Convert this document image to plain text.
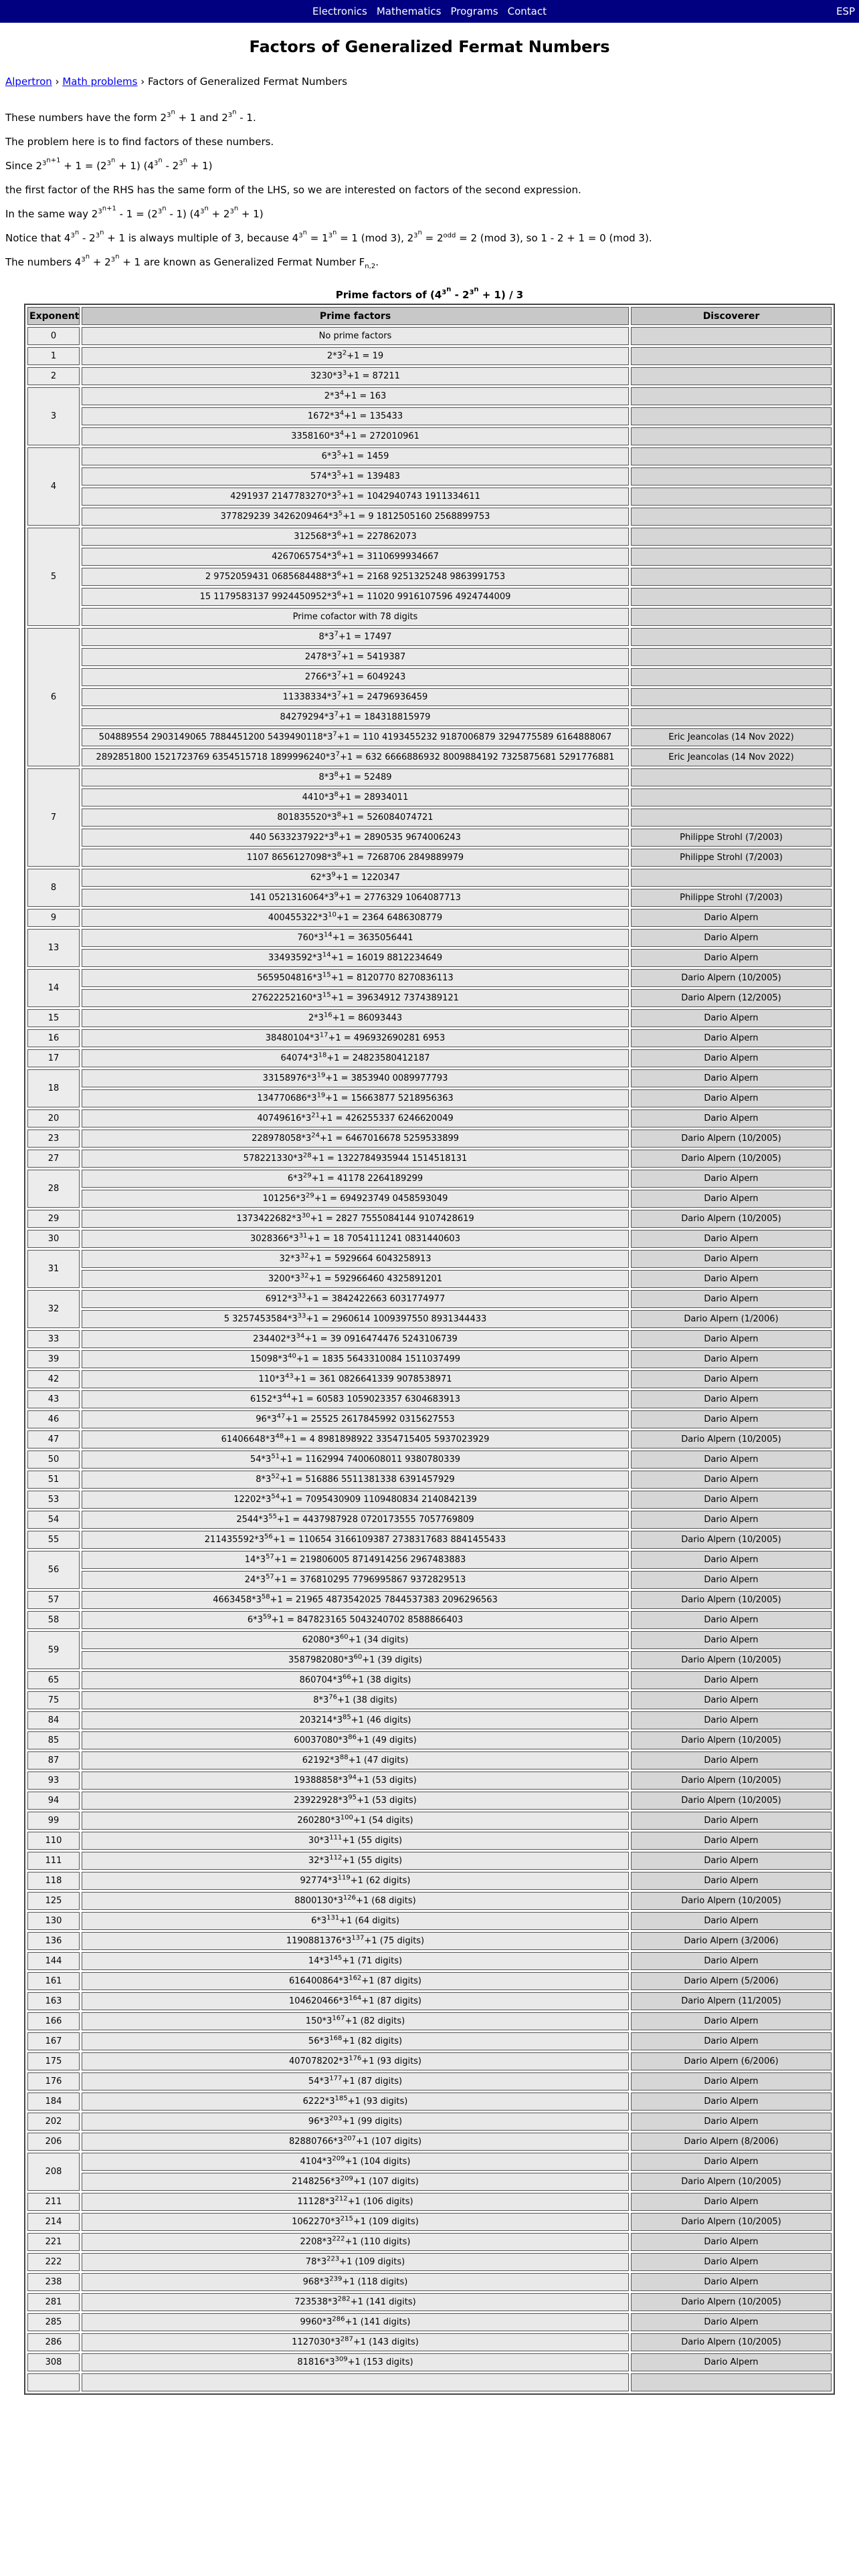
Electronics Mathematics Programs Contact	ESP
Factors of Generalized Fermat Numbers

Alpertron › Math problems › Factors of Generalized Fermat Numbers

These numbers have the form $2^{3^n} + 1$ and $2^{3^n} - 1$.

The problem here is to find factors of these numbers.

Since $2^{3^{n+1}} + 1 = (2^{3^n} + 1)$ $(4^{3^n} - 2^{3^n} + 1)$

the first factor of the RHS has the same form of the LHS, so we are interested on factors of the second expression.

In the same way $2^{3^{n+1}} - 1 = (2^{3^n} - 1) (4^{3^n} + 2^{3^n} + 1)$

Notice that $4^{3^n} - 2^{3^n} + 1$ is always multiple of 3, because $4^{3^n} = 1^{3^n} = 1$ (mod 3), $2^{3^n} = 2^{odd} = 2$ (mod 3), so 1 - 2 + 1 = 0 (mod 3).

The numbers $4^{3^n} + 2^{3^n} + 1$ are known as Generalized Fermat Number $F_{n,2}$.

Prime factors of $(4^{3^n} - 2^{3^n} + 1) / 3$
Exponent	Prime factors	Discoverer
0	No prime factors	
1	$2*3^2+1 = 19$	
2	$3230*3^3+1 = 87211$	
3	$2*3^4+1 = 163$	
	$1672*3^4+1 = 135433$	
	$3358160*3^4+1 = 272010961$	
4	$6*3^5+1 = 1459$	
	$574*3^5+1 = 139483$	
	4291937 $2147783270*3^5+1 = 1042940743$ 1911334611	
	377829239 $3426209464*3^5+1 = 9$ 1812505160 2568899753	
5	$312568*3^6+1 = 227862073$	
	$4267065754*3^6+1 = 3110699934667$	
	2 9752059431 $0685684488*3^6+1 = 2168$ 9251325248 9863991753	
	15 1179583137 $9924450952*3^6+1 = 11020$ 9916107596 4924744009	
	Prime cofactor with 78 digits	
6	$8*3^7+1 = 17497$	
	$2478*3^7+1 = 5419387$	
	$2766*3^7+1 = 6049243$	
	$11338334*3^7+1 = 24796936459$	
	$84279294*3^7+1 = 184318815979$	
	504889554 2903149065 7884451200 $5439490118*3^7+1 = 110$ 4193455232 9187006879 3294775589 6164888067	Eric Jeancolas (14 Nov 2022)
	2892851800 1521723769 6354515718 $1899996240*3^7+1 = 632$ 6666886932 8009884192 7325875681 5291776881	Eric Jeancolas (14 Nov 2022)
7	$8*3^8+1 = 52489$	
	$4410*3^8+1 = 28934011$	
	$801835520*3^8+1 = 526084074721$	
	440 $5633237922*3^8+1 = 2890535$ 9674006243	Philippe Strohl (7/2003)
	1107 $8656127098*3^8+1 = 7268706$ 2849889979	Philippe Strohl (7/2003)
8	$62*3^9+1 = 1220347$	
	141 $0521316064*3^9+1 = 2776329$ 1064087713	Philippe Strohl (7/2003)
9	$400455322*3^{10}+1 = 2364$ 6486308779	Dario Alpern
13	$760*3^{14}+1 = 3635056441$	Dario Alpern
	$33493592*3^{14}+1 = 16019$ 8812234649	Dario Alpern
14	$5659504816*3^{15}+1 = 8120770$ 8270836113	Dario Alpern (10/2005)
	$27622252160*3^{15}+1 = 39634912$ 7374389121	Dario Alpern (12/2005)
15	$2*3^{16}+1 = 86093443$	Dario Alpern
16	$38480104*3^{17}+1 = 496932690281$ 6953	Dario Alpern
17	$64074*3^{18}+1 = 24823580412187$	Dario Alpern
18	$33158976*3^{19}+1 = 3853940$ 0089977793	Dario Alpern
	$134770686*3^{19}+1 = 15663877$ 5218956363	Dario Alpern
20	$40749616*3^{21}+1 = 426255337$ 6246620049	Dario Alpern
23	$228978058*3^{24}+1 = 6467016678$ 5259533899	Dario Alpern (10/2005)
27	$578221330*3^{28}+1 = 1322784935944$ 1514518131	Dario Alpern (10/2005)
28	$6*3^{29}+1 = 41178$ 2264189299	Dario Alpern
	$101256*3^{29}+1 = 694923749$ 0458593049	Dario Alpern
29	$1373422682*3^{30}+1 = 2827$ 7555084144 9107428619	Dario Alpern (10/2005)
30	$3028366*3^{31}+1 = 18$ 7054111241 0831440603	Dario Alpern
31	$32*3^{32}+1 = 5929664$ 6043258913	Dario Alpern
	$3200*3^{32}+1 = 592966460$ 4325891201	Dario Alpern
32	$6912*3^{33}+1 = 3842422663$ 6031774977	Dario Alpern
	5 $3257453584*3^{33}+1 = 2960614$ 1009397550 8931344433	Dario Alpern (1/2006)
33	$234402*3^{34}+1 = 39$ 0916474476 5243106739	Dario Alpern
39	$15098*3^{40}+1 = 1835$ 5643310084 1511037499	Dario Alpern
42	$110*3^{43}+1 = 361$ 0826641339 9078538971	Dario Alpern
43	$6152*3^{44}+1 = 60583$ 1059023357 6304683913	Dario Alpern
46	$96*3^{47}+1 = 25525$ 2617845992 0315627553	Dario Alpern
47	$61406648*3^{48}+1 = 4$ 8981898922 3354715405 5937023929	Dario Alpern (10/2005)
50	$54*3^{51}+1 = 1162994$ 7400608011 9380780339	Dario Alpern
51	$8*3^{52}+1 = 516886$ 5511381338 6391457929	Dario Alpern
53	$12202*3^{54}+1 = 7095430909$ 1109480834 2140842139	Dario Alpern
54	$2544*3^{55}+1 = 4437987928$ 0720173555 7057769809	Dario Alpern
55	$211435592*3^{56}+1 = 110654$ 3166109387 2738317683 8841455433	Dario Alpern (10/2005)
56	$14*3^{57}+1 = 219806005$ 8714914256 2967483883	Dario Alpern
	$24*3^{57}+1 = 376810295$ 7796995867 9372829513	Dario Alpern
57	$4663458*3^{58}+1 = 21965$ 4873542025 7844537383 2096296563	Dario Alpern (10/2005)
58	$6*3^{59}+1 = 847823165$ 5043240702 8588866403	Dario Alpern
59	$62080*3^{60}+1$ (34 digits)	Dario Alpern
	$3587982080*3^{60}+1$ (39 digits)	Dario Alpern (10/2005)
65	$860704*3^{66}+1$ (38 digits)	Dario Alpern
75	$8*3^{76}+1$ (38 digits)	Dario Alpern
84	$203214*3^{85}+1$ (46 digits)	Dario Alpern
85	$60037080*3^{86}+1$ (49 digits)	Dario Alpern (10/2005)
87	$62192*3^{88}+1$ (47 digits)	Dario Alpern
93	$19388858*3^{94}+1$ (53 digits)	Dario Alpern (10/2005)
94	$23922928*3^{95}+1$ (53 digits)	Dario Alpern (10/2005)
99	$260280*3^{100}+1$ (54 digits)	Dario Alpern
110	$30*3^{111}+1$ (55 digits)	Dario Alpern
111	$32*3^{112}+1$ (55 digits)	Dario Alpern
118	$92774*3^{119}+1$ (62 digits)	Dario Alpern
125	$8800130*3^{126}+1$ (68 digits)	Dario Alpern (10/2005)
130	$6*3^{131}+1$ (64 digits)	Dario Alpern
136	$1190881376*3^{137}+1$ (75 digits)	Dario Alpern (3/2006)
144	$14*3^{145}+1$ (71 digits)	Dario Alpern
161	$616400864*3^{162}+1$ (87 digits)	Dario Alpern (5/2006)
163	$104620466*3^{164}+1$ (87 digits)	Dario Alpern (11/2005)
166	$150*3^{167}+1$ (82 digits)	Dario Alpern
167	$56*3^{168}+1$ (82 digits)	Dario Alpern
175	$407078202*3^{176}+1$ (93 digits)	Dario Alpern (6/2006)
176	$54*3^{177}+1$ (87 digits)	Dario Alpern
184	$6222*3^{185}+1$ (93 digits)	Dario Alpern
202	$96*3^{203}+1$ (99 digits)	Dario Alpern
206	$82880766*3^{207}+1$ (107 digits)	Dario Alpern (8/2006)
208	$4104*3^{209}+1$ (104 digits)	Dario Alpern
	$2148256*3^{209}+1$ (107 digits)	Dario Alpern (10/2005)
211	$11128*3^{212}+1$ (106 digits)	Dario Alpern
214	$1062270*3^{215}+1$ (109 digits)	Dario Alpern (10/2005)
221	$2208*3^{222}+1$ (110 digits)	Dario Alpern
222	$78*3^{223}+1$ (109 digits)	Dario Alpern
238	$968*3^{239}+1$ (118 digits)	Dario Alpern
281	$723538*3^{282}+1$ (141 digits)	Dario Alpern (10/2005)
285	$9960*3^{286}+1$ (141 digits)	Dario Alpern
286	$1127030*3^{287}+1$ (143 digits)	Dario Alpern (10/2005)
308	$81816*3^{309}+1$ (153 digits)	Dario Alpern
